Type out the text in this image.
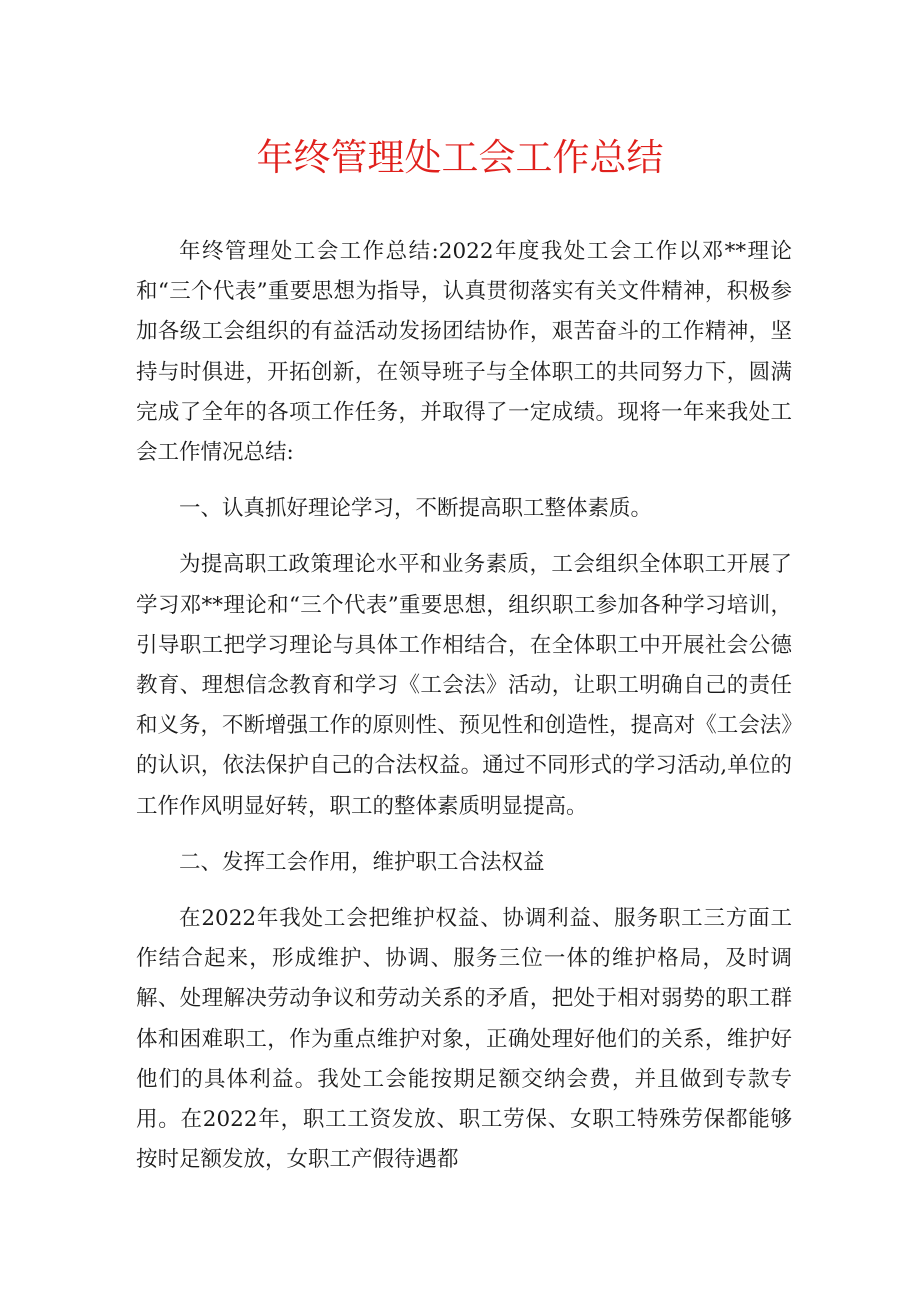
年终管理处工会工作总结

年终管理处工会工作总结:2022年度我处工会工作以邓**理论和“三个代表”重要思想为指导，认真贯彻落实有关文件精神，积极参加各级工会组织的有益活动发扬团结协作，艰苦奋斗的工作精神，坚持与时俱进，开拓创新，在领导班子与全体职工的共同努力下，圆满完成了全年的各项工作任务，并取得了一定成绩。现将一年来我处工会工作情况总结:

一、认真抓好理论学习，不断提高职工整体素质。

为提高职工政策理论水平和业务素质，工会组织全体职工开展了学习邓**理论和“三个代表”重要思想，组织职工参加各种学习培训，引导职工把学习理论与具体工作相结合，在全体职工中开展社会公德教育、理想信念教育和学习《工会法》活动，让职工明确自己的责任和义务，不断增强工作的原则性、预见性和创造性，提高对《工会法》的认识，依法保护自己的合法权益。通过不同形式的学习活动,单位的工作作风明显好转，职工的整体素质明显提高。

二、发挥工会作用，维护职工合法权益

在2022年我处工会把维护权益、协调利益、服务职工三方面工作结合起来，形成维护、协调、服务三位一体的维护格局，及时调解、处理解决劳动争议和劳动关系的矛盾，把处于相对弱势的职工群体和困难职工，作为重点维护对象，正确处理好他们的关系，维护好他们的具体利益。我处工会能按期足额交纳会费，并且做到专款专用。在2022年，职工工资发放、职工劳保、女职工特殊劳保都能够按时足额发放，女职工产假待遇都
